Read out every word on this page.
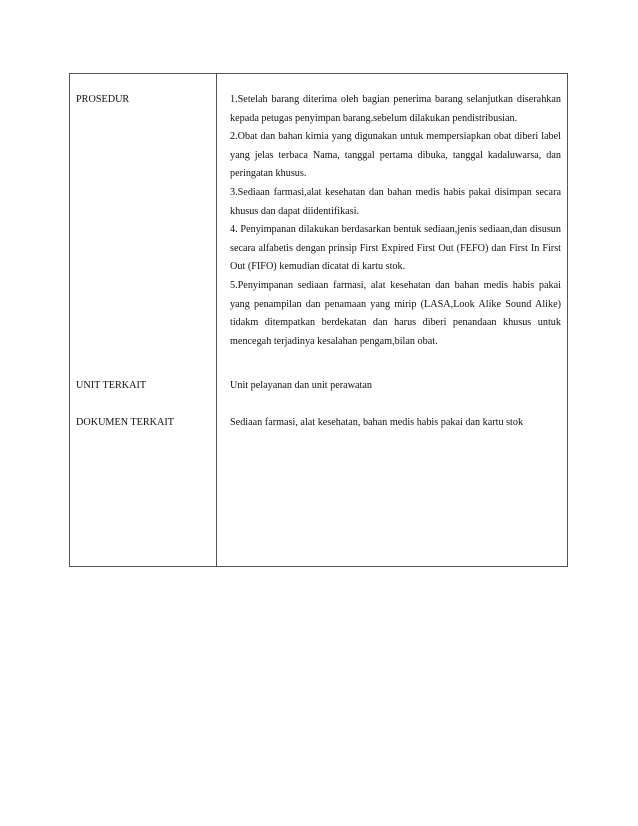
PROSEDUR	1.Setelah barang diterima oleh bagian penerima barang selanjutkan diserahkan kepada petugas penyimpan barang.sebelum dilakukan pendistribusian.

2.Obat dan bahan kimia yang digunakan untuk mempersiapkan obat diberi label yang jelas terbaca Nama, tanggal pertama dibuka, tanggal kadaluwarsa, dan peringatan khusus.

3.Sediaan farmasi,alat kesehatan dan bahan medis habis pakai disimpan secara khusus dan dapat diidentifikasi.

4. Penyimpanan dilakukan berdasarkan bentuk sediaan,jenis sediaan,dan disusun secara alfabetis dengan prinsip First Expired First Out (FEFO) dan First In First Out (FIFO) kemudian dicatat di kartu stok.

5.Penyimpanan sediaan farmasi, alat kesehatan dan bahan medis habis pakai yang penampilan dan penamaan yang mirip (LASA,Look Alike Sound Alike) tidakm ditempatkan berdekatan dan harus diberi penandaan khusus untuk mencegah terjadinya kesalahan pengam,bilan obat.

UNIT TERKAIT	Unit pelayanan dan unit perawatan
DOKUMEN TERKAIT	Sediaan farmasi, alat kesehatan, bahan medis habis pakai dan kartu stok
